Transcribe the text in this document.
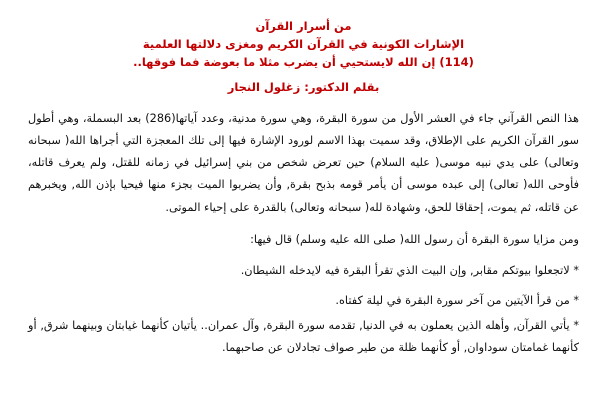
من أسرار القرآن
الإشارات الكونية في القرآن الكريم ومغزى دلالتها العلمية
(114) إن الله لايستحيي أن يضرب مثلا ما بعوضة فما فوقها..
بقلم الدكتور: زغلول النجار

هذا النص القرآني جاء في العشر الأول من سورة البقرة، وهي سورة مدنية، وعدد آياتها(286) بعد البسملة، وهي أطول سور القرآن الكريم على الإطلاق، وقد سميت بهذا الاسم لورود الإشارة فيها إلى تلك المعجزة التي أجراها الله( سبحانه وتعالى) على يدي نبيه موسى( عليه السلام) حين تعرض شخص من بني إسرائيل في زمانه للقتل، ولم يعرف قاتله، فأوحى الله( تعالى) إلى عبده موسى أن يأمر قومه بذبح بقرة, وأن يضربوا الميت بجزء منها فيحيا بإذن الله, ويخبرهم عن قاتله، ثم يموت، إحقاقا للحق، وشهادة لله( سبحانه وتعالى) بالقدرة على إحياء الموتى.

ومن مزايا سورة البقرة أن رسول الله( صلى الله عليه وسلم) قال فيها:

* لاتجعلوا بيوتكم مقابر, وإن البيت الذي تقرأ البقرة فيه لايدخله الشيطان.

* من قرأ الآيتين من آخر سورة البقرة في ليلة كفتاه.

* يأتي القرآن, وأهله الذين يعملون به في الدنيا, تقدمه سورة البقرة, وآل عمران.. يأتيان كأنهما غيابتان وبينهما شرق, أو كأنهما غمامتان سوداوان, أو كأنهما ظلة من طير صواف تجادلان عن صاحبهما.
